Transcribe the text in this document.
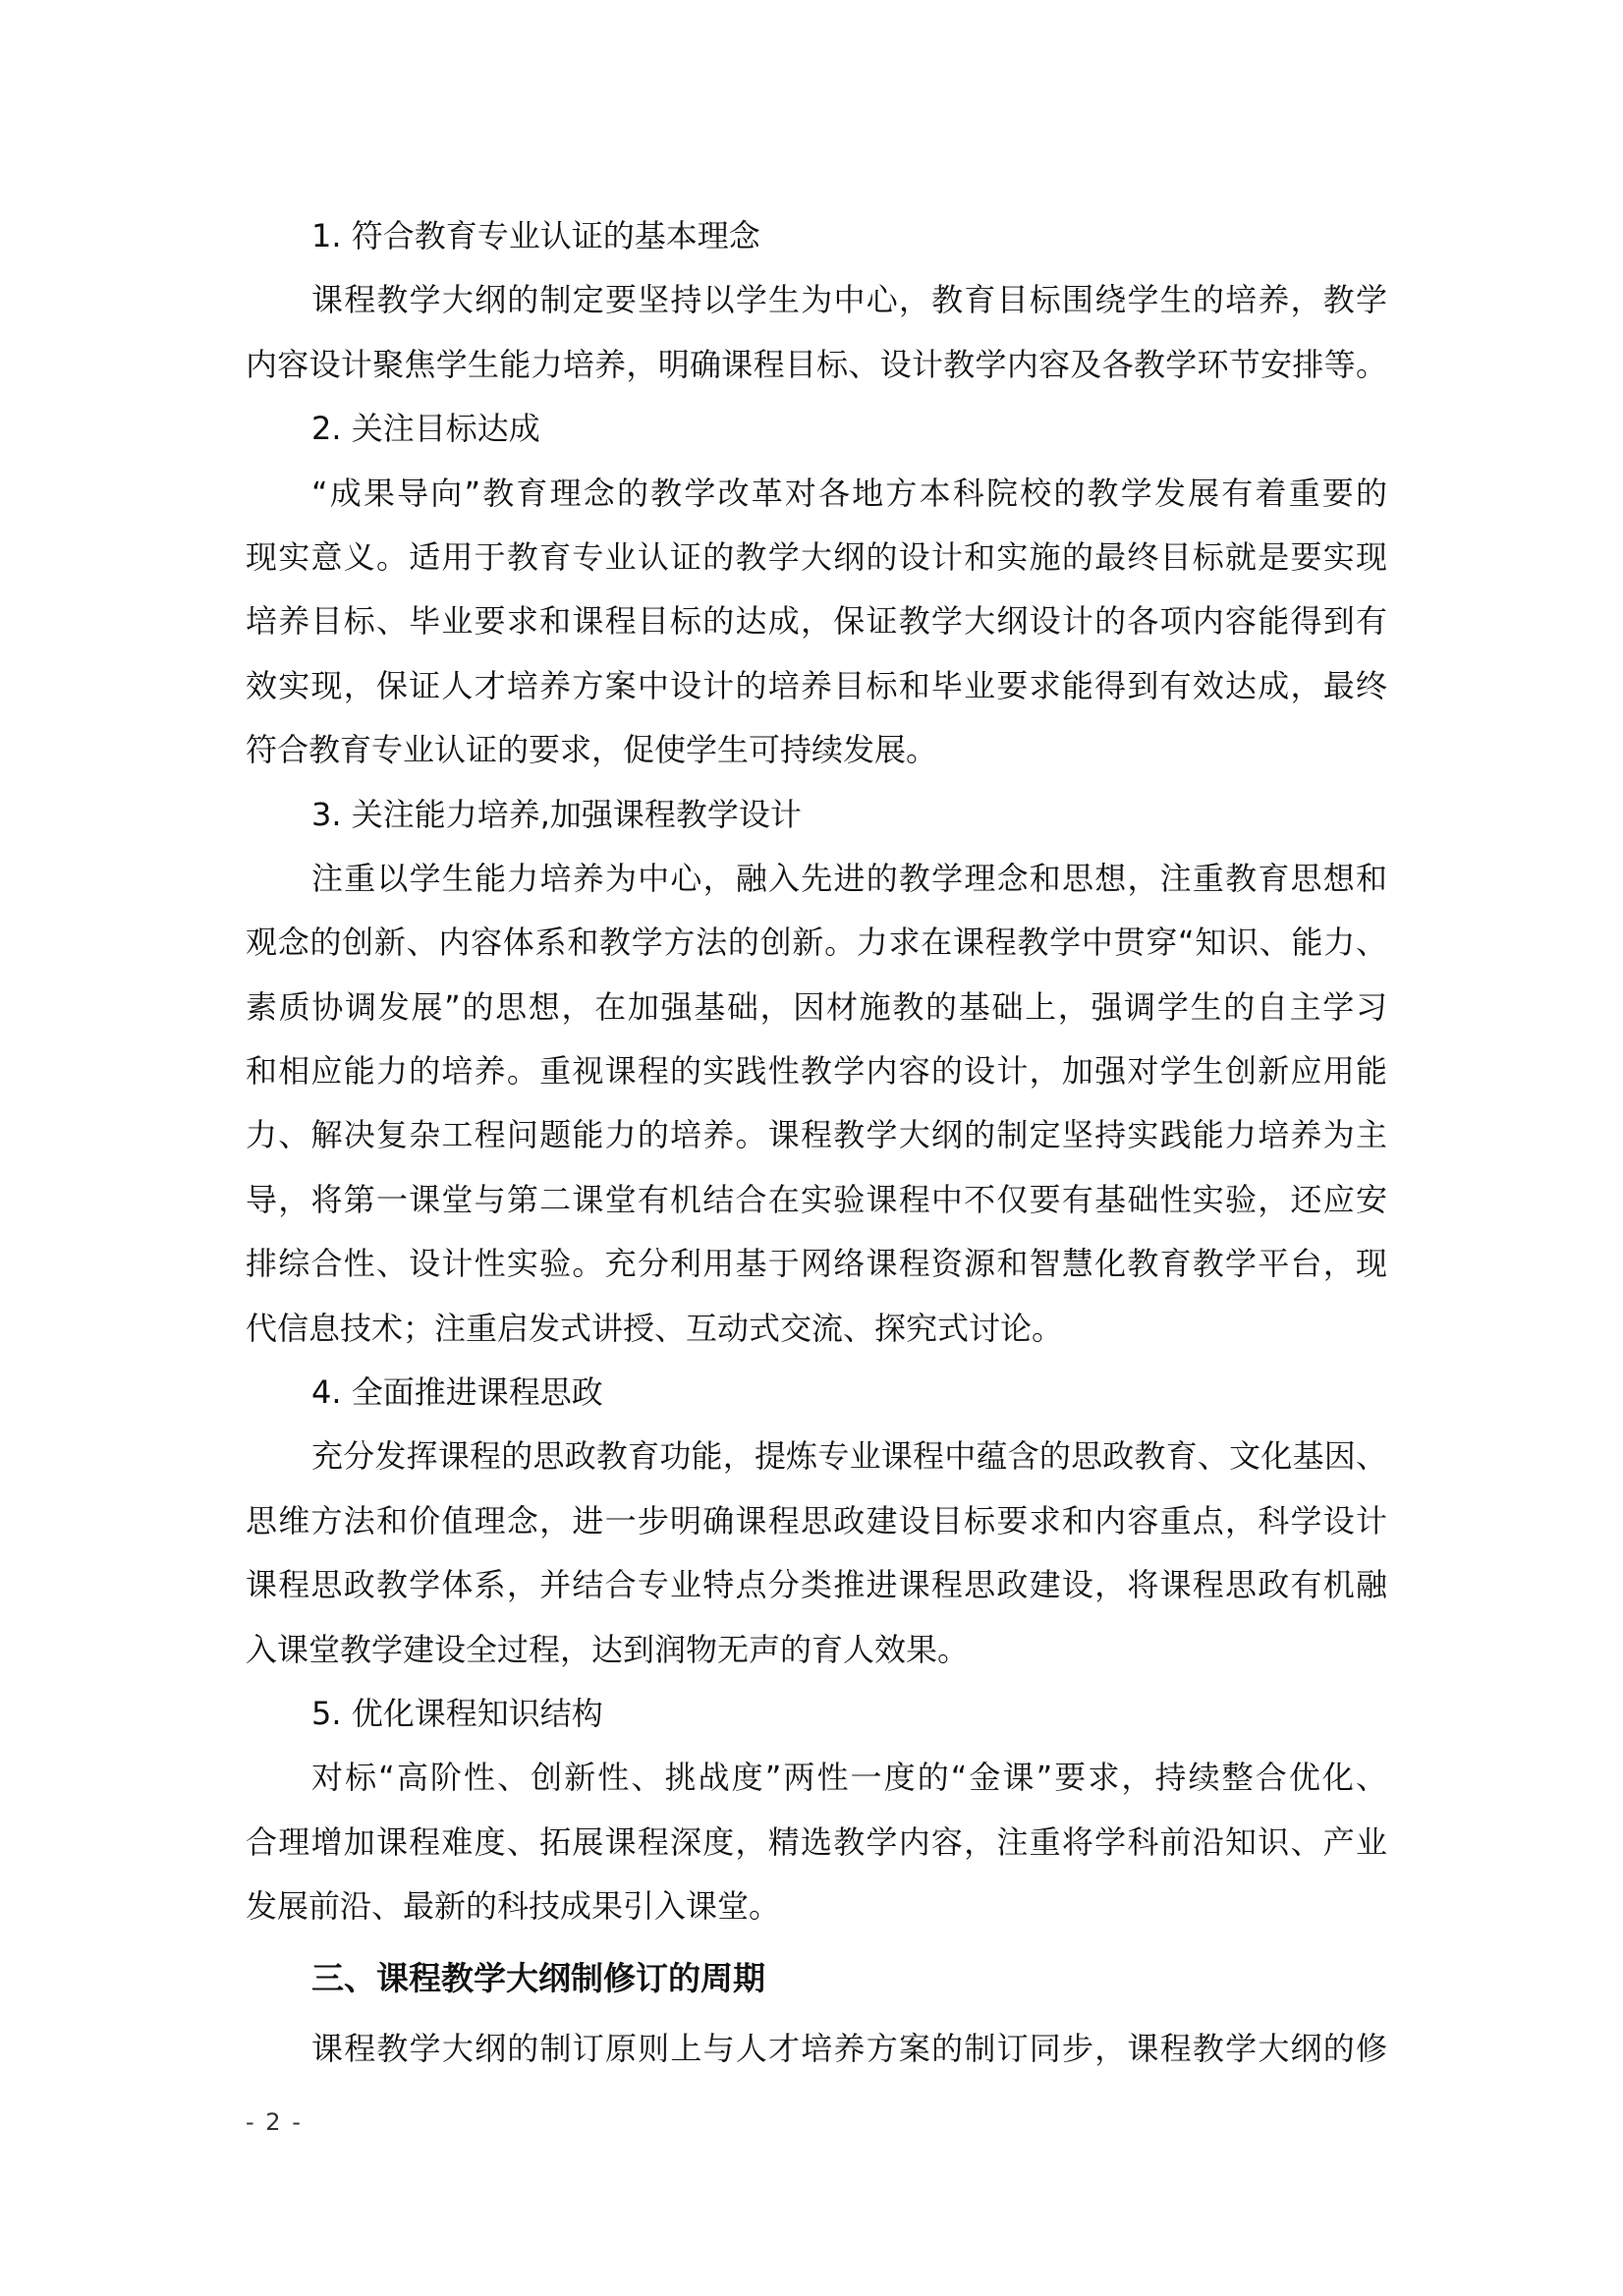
1. 符合教育专业认证的基本理念
课程教学大纲的制定要坚持以学生为中心，教育目标围绕学生的培养，教学
内容设计聚焦学生能力培养，明确课程目标、设计教学内容及各教学环节安排等。
2. 关注目标达成
“成果导向”教育理念的教学改革对各地方本科院校的教学发展有着重要的
现实意义。适用于教育专业认证的教学大纲的设计和实施的最终目标就是要实现
培养目标、毕业要求和课程目标的达成，保证教学大纲设计的各项内容能得到有
效实现，保证人才培养方案中设计的培养目标和毕业要求能得到有效达成，最终
符合教育专业认证的要求，促使学生可持续发展。
3. 关注能力培养,加强课程教学设计
注重以学生能力培养为中心，融入先进的教学理念和思想，注重教育思想和
观念的创新、内容体系和教学方法的创新。力求在课程教学中贯穿“知识、能力、
素质协调发展”的思想，在加强基础，因材施教的基础上，强调学生的自主学习
和相应能力的培养。重视课程的实践性教学内容的设计，加强对学生创新应用能
力、解决复杂工程问题能力的培养。课程教学大纲的制定坚持实践能力培养为主
导，将第一课堂与第二课堂有机结合在实验课程中不仅要有基础性实验，还应安
排综合性、设计性实验。充分利用基于网络课程资源和智慧化教育教学平台，现
代信息技术；注重启发式讲授、互动式交流、探究式讨论。
4. 全面推进课程思政
充分发挥课程的思政教育功能，提炼专业课程中蕴含的思政教育、文化基因、
思维方法和价值理念，进一步明确课程思政建设目标要求和内容重点，科学设计
课程思政教学体系，并结合专业特点分类推进课程思政建设，将课程思政有机融
入课堂教学建设全过程，达到润物无声的育人效果。
5. 优化课程知识结构
对标“高阶性、创新性、挑战度”两性一度的“金课”要求，持续整合优化、
合理增加课程难度、拓展课程深度，精选教学内容，注重将学科前沿知识、产业
发展前沿、最新的科技成果引入课堂。
三、课程教学大纲制修订的周期
课程教学大纲的制订原则上与人才培养方案的制订同步，课程教学大纲的修
- 2 -
